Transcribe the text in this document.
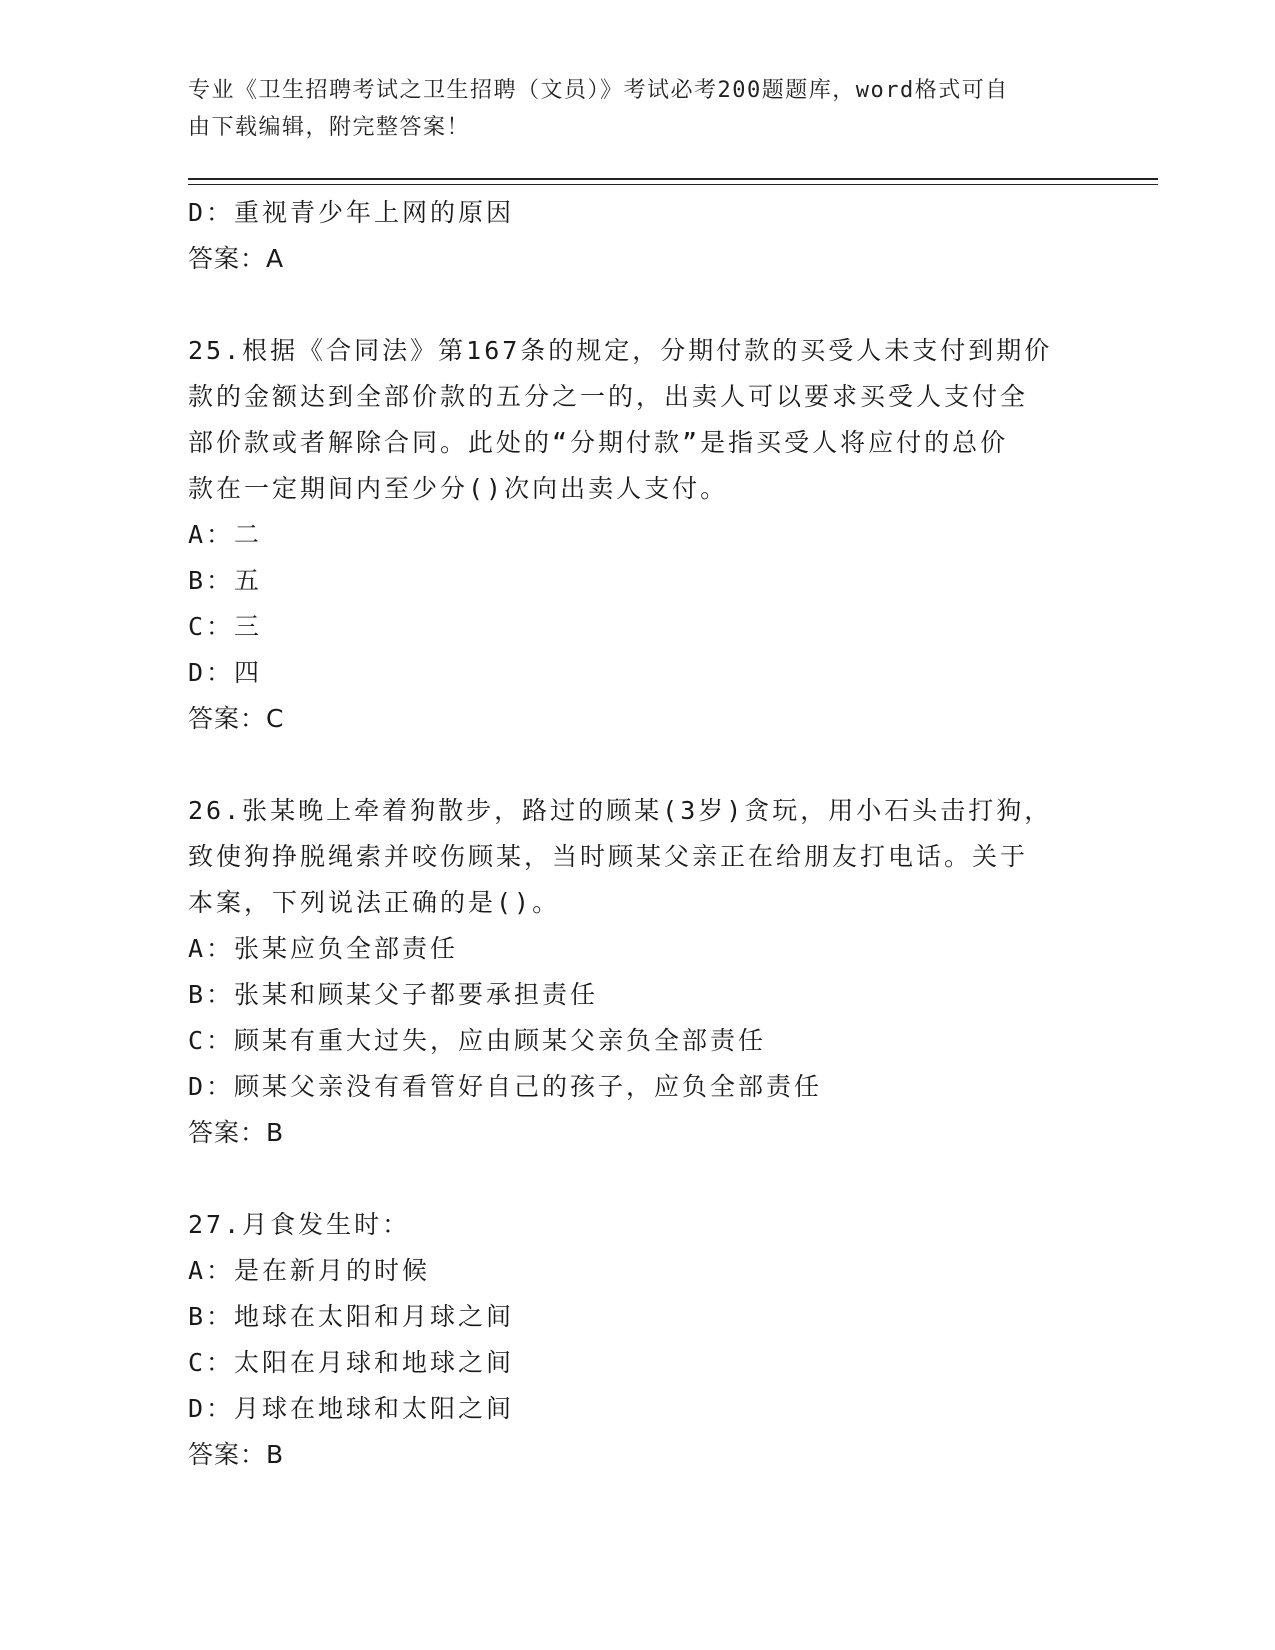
专业《卫生招聘考试之卫生招聘（文员）》考试必考200题题库，word格式可自
由下载编辑，附完整答案！
D：重视青少年上网的原因
答案 ： A
25.根据《合同法》第167条的规定，分期付款的买受人未支付到期价
款的金额达到全部价款的五分之一的，出卖人可以要求买受人支付全
部价款或者解除合同。此处的“分期付款”是指买受人将应付的总价
款在一定期间内至少分()次向出卖人支付。
A：二
B：五
C：三
D：四
答案 ： C
26.张某晚上牵着狗散步，路过的顾某(3岁)贪玩，用小石头击打狗，
致使狗挣脱绳索并咬伤顾某，当时顾某父亲正在给朋友打电话。关于
本案，下列说法正确的是()。
A：张某应负全部责任
B：张某和顾某父子都要承担责任
C：顾某有重大过失，应由顾某父亲负全部责任
D：顾某父亲没有看管好自己的孩子，应负全部责任
答案 ： B
27.月食发生时：
A：是在新月的时候
B：地球在太阳和月球之间
C：太阳在月球和地球之间
D：月球在地球和太阳之间
答案 ： B
